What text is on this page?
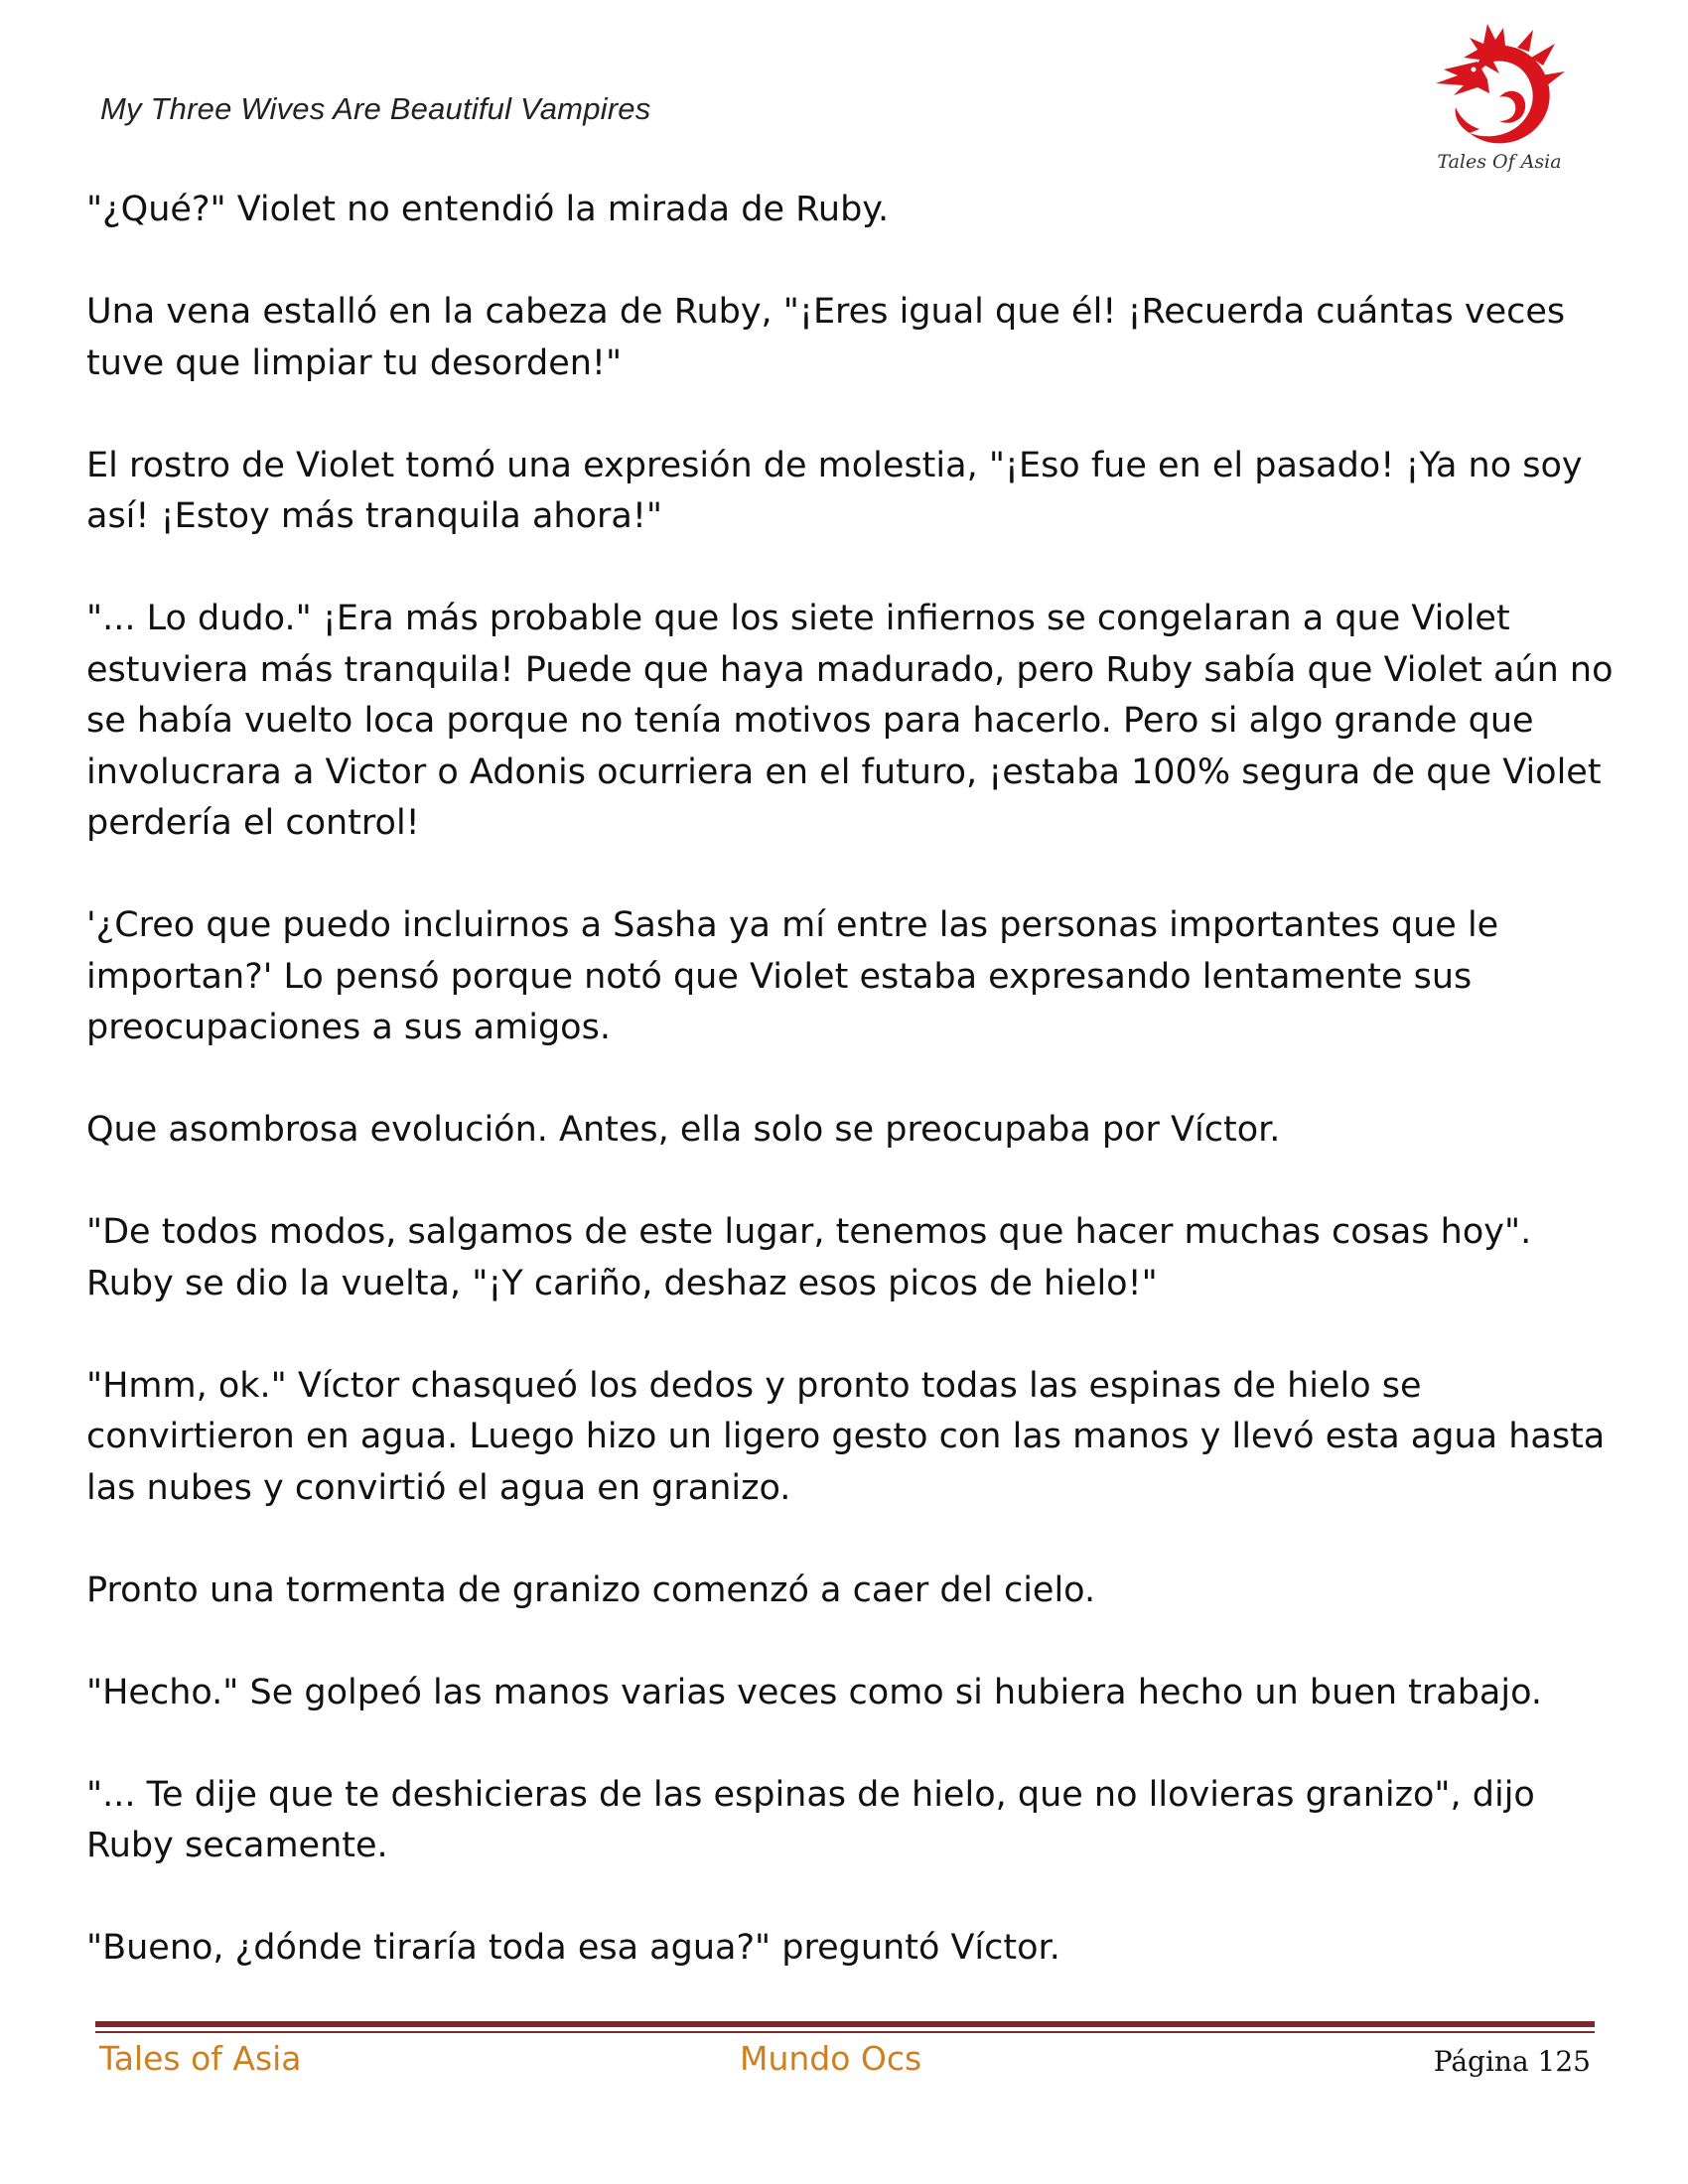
My Three Wives Are Beautiful Vampires
Tales Of Asia

"¿Qué?" Violet no entendió la mirada de Ruby.

Una vena estalló en la cabeza de Ruby, "¡Eres igual que él! ¡Recuerda cuántas veces tuve que limpiar tu desorden!"

El rostro de Violet tomó una expresión de molestia, "¡Eso fue en el pasado! ¡Ya no soy así! ¡Estoy más tranquila ahora!"

"... Lo dudo." ¡Era más probable que los siete infiernos se congelaran a que Violet estuviera más tranquila! Puede que haya madurado, pero Ruby sabía que Violet aún no se había vuelto loca porque no tenía motivos para hacerlo. Pero si algo grande que involucrara a Victor o Adonis ocurriera en el futuro, ¡estaba 100% segura de que Violet perdería el control!

'¿Creo que puedo incluirnos a Sasha ya mí entre las personas importantes que le importan?' Lo pensó porque notó que Violet estaba expresando lentamente sus preocupaciones a sus amigos.

Que asombrosa evolución. Antes, ella solo se preocupaba por Víctor.

"De todos modos, salgamos de este lugar, tenemos que hacer muchas cosas hoy". Ruby se dio la vuelta, "¡Y cariño, deshaz esos picos de hielo!"

"Hmm, ok." Víctor chasqueó los dedos y pronto todas las espinas de hielo se convirtieron en agua. Luego hizo un ligero gesto con las manos y llevó esta agua hasta las nubes y convirtió el agua en granizo.

Pronto una tormenta de granizo comenzó a caer del cielo.

"Hecho." Se golpeó las manos varias veces como si hubiera hecho un buen trabajo.

"... Te dije que te deshicieras de las espinas de hielo, que no llovieras granizo", dijo Ruby secamente.

"Bueno, ¿dónde tiraría toda esa agua?" preguntó Víctor.

Tales of Asia	Mundo Ocs	Página 125
